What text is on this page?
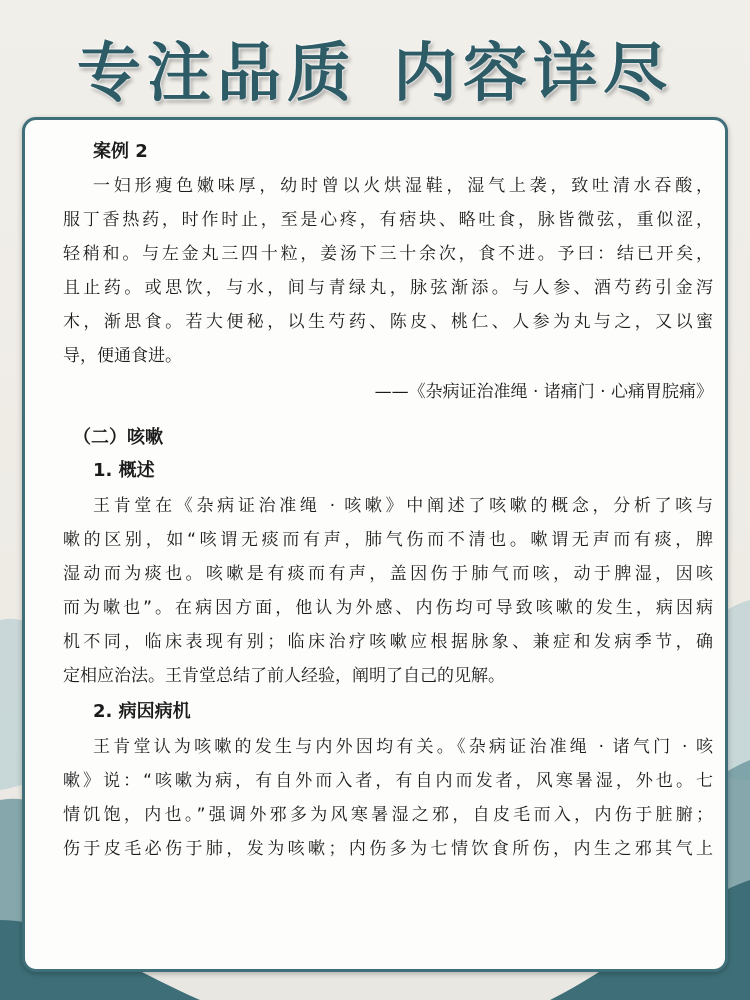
专注品质 内容详尽
案例 2
一妇形瘦色嫩味厚，幼时曾以火烘湿鞋，湿气上袭，致吐清水吞酸，
服丁香热药，时作时止，至是心疼，有痞块、略吐食，脉皆微弦，重似涩，
轻稍和。与左金丸三四十粒，姜汤下三十余次，食不进。予曰：结已开矣，
且止药。或思饮，与水，间与青绿丸，脉弦渐添。与人参、酒芍药引金泻
木，渐思食。若大便秘，以生芍药、陈皮、桃仁、人参为丸与之，又以蜜
导，便通食进。
——《杂病证治准绳 · 诸痛门 · 心痛胃脘痛》
（二）咳嗽
1. 概述
王肯堂在《杂病证治准绳 · 咳嗽》中阐述了咳嗽的概念，分析了咳与
嗽的区别，如“咳谓无痰而有声，肺气伤而不清也。嗽谓无声而有痰，脾
湿动而为痰也。咳嗽是有痰而有声，盖因伤于肺气而咳，动于脾湿，因咳
而为嗽也”。在病因方面，他认为外感、内伤均可导致咳嗽的发生，病因病
机不同，临床表现有别；临床治疗咳嗽应根据脉象、兼症和发病季节，确
定相应治法。王肯堂总结了前人经验，阐明了自己的见解。
2. 病因病机
王肯堂认为咳嗽的发生与内外因均有关。《杂病证治准绳 · 诸气门 · 咳
嗽》说：“咳嗽为病，有自外而入者，有自内而发者，风寒暑湿，外也。七
情饥饱，内也。”强调外邪多为风寒暑湿之邪，自皮毛而入，内伤于脏腑；
伤于皮毛必伤于肺，发为咳嗽；内伤多为七情饮食所伤，内生之邪其气上
